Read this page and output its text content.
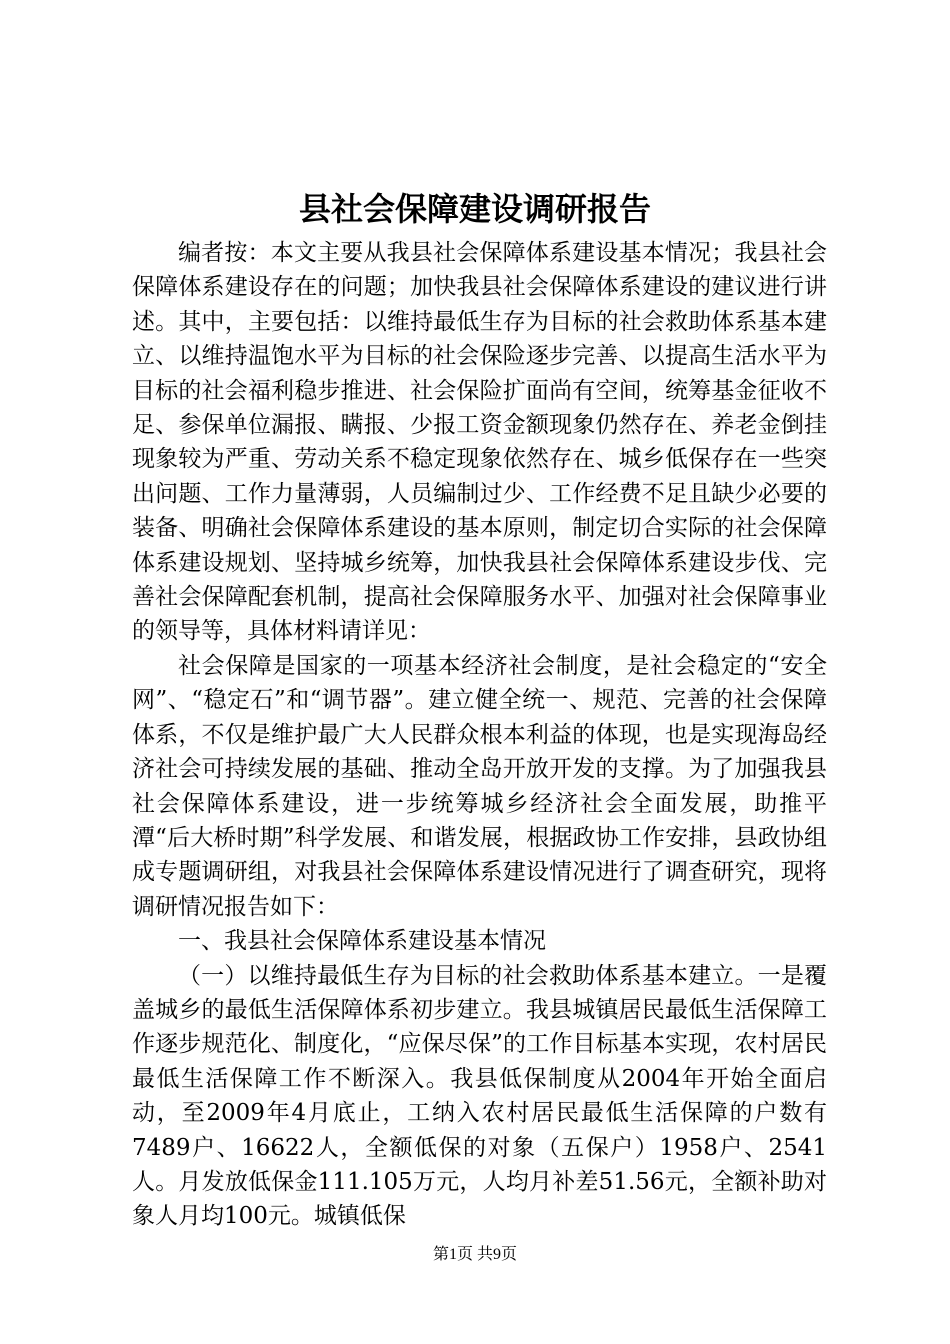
县社会保障建设调研报告

编者按：本文主要从我县社会保障体系建设基本情况；我县社会保障体系建设存在的问题；加快我县社会保障体系建设的建议进行讲述。其中，主要包括：以维持最低生存为目标的社会救助体系基本建立、以维持温饱水平为目标的社会保险逐步完善、以提高生活水平为目标的社会福利稳步推进、社会保险扩面尚有空间，统筹基金征收不足、参保单位漏报、瞒报、少报工资金额现象仍然存在、养老金倒挂现象较为严重、劳动关系不稳定现象依然存在、城乡低保存在一些突出问题、工作力量薄弱，人员编制过少、工作经费不足且缺少必要的装备、明确社会保障体系建设的基本原则，制定切合实际的社会保障体系建设规划、坚持城乡统筹，加快我县社会保障体系建设步伐、完善社会保障配套机制，提高社会保障服务水平、加强对社会保障事业的领导等，具体材料请详见：

社会保障是国家的一项基本经济社会制度，是社会稳定的“安全网”、“稳定石”和“调节器”。建立健全统一、规范、完善的社会保障体系，不仅是维护最广大人民群众根本利益的体现，也是实现海岛经济社会可持续发展的基础、推动全岛开放开发的支撑。为了加强我县社会保障体系建设，进一步统筹城乡经济社会全面发展，助推平潭“后大桥时期”科学发展、和谐发展，根据政协工作安排，县政协组成专题调研组，对我县社会保障体系建设情况进行了调查研究，现将调研情况报告如下：

一、我县社会保障体系建设基本情况

（一）以维持最低生存为目标的社会救助体系基本建立。一是覆盖城乡的最低生活保障体系初步建立。我县城镇居民最低生活保障工作逐步规范化、制度化，“应保尽保”的工作目标基本实现，农村居民最低生活保障工作不断深入。我县低保制度从2004年开始全面启动，至2009年4月底止，工纳入农村居民最低生活保障的户数有7489户、16622人，全额低保的对象（五保户）1958户、2541人。月发放低保金111.105万元，人均月补差51.56元，全额补助对象人月均100元。城镇低保

第1页 共9页
